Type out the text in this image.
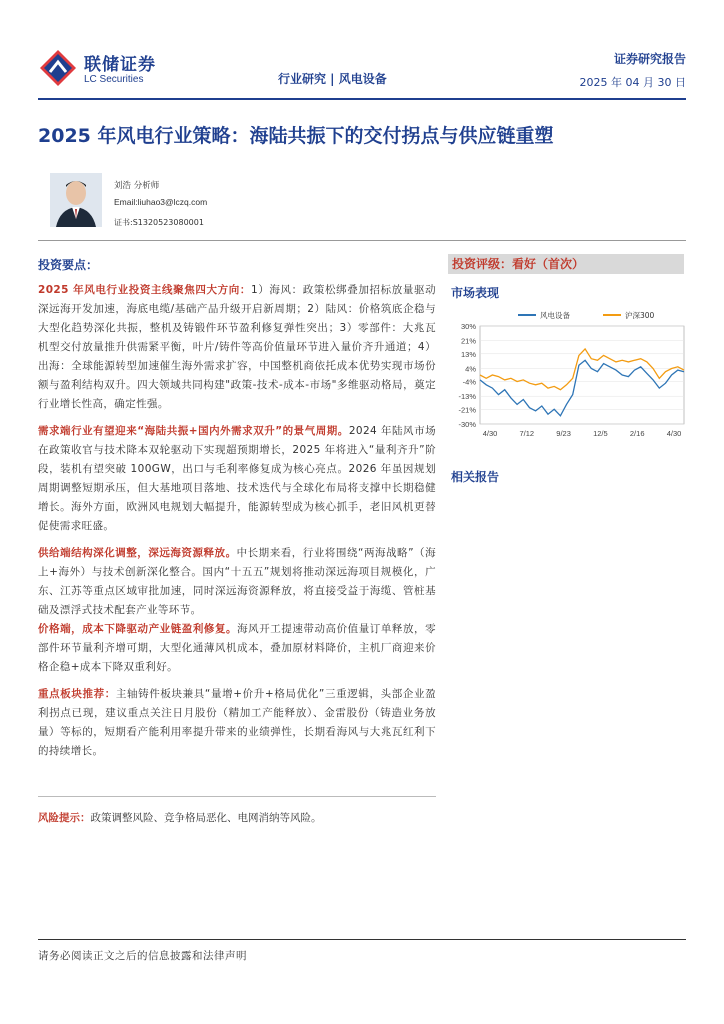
联储证券
LC Securities	行业研究 | 风电设备
证券研究报告
2025 年 04 月 30 日
2025 年风电行业策略：海陆共振下的交付拐点与供应链重塑
刘浩 分析师
Email:liuhao3@lczq.com
证书:S1320523080001
投资要点：

2025 年风电行业投资主线聚焦四大方向：1）海风：政策松绑叠加招标放量驱动深远海开发加速，海底电缆/基础产品升级开启新周期；2）陆风：价格筑底企稳与大型化趋势深化共振，整机及铸锻件环节盈利修复弹性突出；3）零部件：大兆瓦机型交付放量推升供需紧平衡，叶片/铸件等高价值量环节进入量价齐升通道；4）出海：全球能源转型加速催生海外需求扩容，中国整机商依托成本优势实现市场份额与盈利结构双升。四大领域共同构建"政策-技术-成本-市场"多维驱动格局，奠定行业增长性高，确定性强。

需求端行业有望迎来“海陆共振+国内外需求双升”的景气周期。2024 年陆风市场在政策收官与技术降本双轮驱动下实现超预期增长，2025 年将进入“量利齐升”阶段，装机有望突破 100GW，出口与毛利率修复成为核心亮点。2026 年虽因规划周期调整短期承压，但大基地项目落地、技术迭代与全球化布局将支撑中长期稳健增长。海外方面，欧洲风电规划大幅提升，能源转型成为核心抓手，老旧风机更替促使需求旺盛。

供给端结构深化调整，深远海资源释放。中长期来看，行业将围绕“两海战略”（海上+海外）与技术创新深化整合。国内“十五五”规划将推动深远海项目规模化，广东、江苏等重点区域审批加速，同时深远海资源释放，将直接受益于海缆、管桩基础及漂浮式技术配套产业等环节。

价格端，成本下降驱动产业链盈利修复。海风开工提速带动高价值量订单释放，零部件环节量利齐增可期，大型化通薄风机成本，叠加原材料降价，主机厂商迎来价格企稳+成本下降双重利好。

重点板块推荐：主轴铸件板块兼具“量增+价升+格局优化”三重逻辑，头部企业盈利拐点已现，建议重点关注日月股份（精加工产能释放）、金雷股份（铸造业务放量）等标的，短期看产能利用率提升带来的业绩弹性，长期看海风与大兆瓦红利下的持续增长。

风险提示：政策调整风险、竞争格局恶化、电网消纳等风险。
投资评级：看好（首次）
市场表现
30%
21%
13%
4%
-4%
-13%
-21%
-30%
4/30	7/12	9/23	12/5	2/16	4/30
风电设备	沪深300
相关报告
请务必阅读正文之后的信息披露和法律声明
